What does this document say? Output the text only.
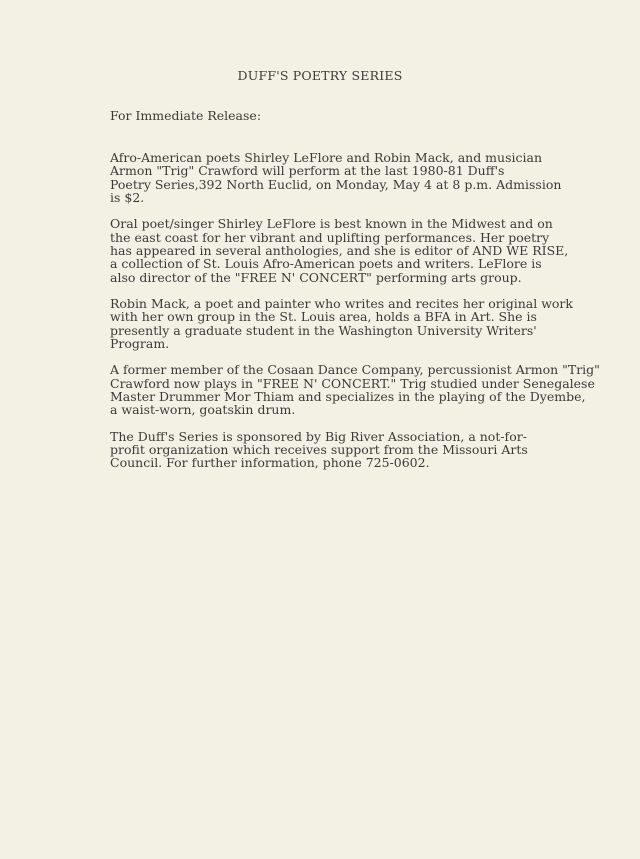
DUFF'S POETRY SERIES
For Immediate Release:

Afro-American poets Shirley LeFlore and Robin Mack, and musician
Armon "Trig" Crawford will perform at the last 1980-81 Duff's
Poetry Series,392 North Euclid, on Monday, May 4 at 8 p.m. Admission
is $2.

Oral poet/singer Shirley LeFlore is best known in the Midwest and on
the east coast for her vibrant and uplifting performances. Her poetry
has appeared in several anthologies, and she is editor of AND WE RISE,
a collection of St. Louis Afro-American poets and writers. LeFlore is
also director of the "FREE N' CONCERT" performing arts group.

Robin Mack, a poet and painter who writes and recites her original work
with her own group in the St. Louis area, holds a BFA in Art. She is
presently a graduate student in the Washington University Writers'
Program.

A former member of the Cosaan Dance Company, percussionist Armon "Trig"
Crawford now plays in "FREE N' CONCERT." Trig studied under Senegalese
Master Drummer Mor Thiam and specializes in the playing of the Dyembe,
a waist-worn, goatskin drum.

The Duff's Series is sponsored by Big River Association, a not-for-
profit organization which receives support from the Missouri Arts
Council. For further information, phone 725-0602.
